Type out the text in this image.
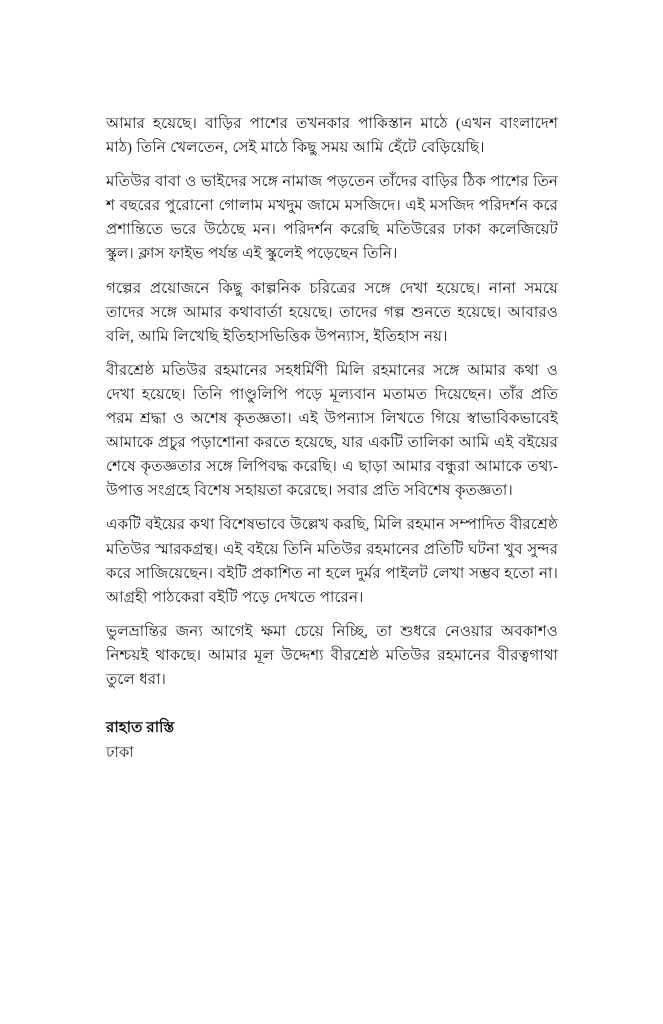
আমার হয়েছে। বাড়ির পাশের তখনকার পাকিস্তান মাঠে (এখন বাংলাদেশ মাঠ) তিনি খেলতেন, সেই মাঠে কিছু সময় আমি হেঁটে বেড়িয়েছি।

মতিউর বাবা ও ভাইদের সঙ্গে নামাজ পড়তেন তাঁদের বাড়ির ঠিক পাশের তিন শ বছরের পুরোনো গোলাম মখদুম জামে মসজিদে। এই মসজিদ পরিদর্শন করে প্রশান্তিতে ভরে উঠেছে মন। পরিদর্শন করেছি মতিউরের ঢাকা কলেজিয়েট স্কুল। ক্লাস ফাইভ পর্যন্ত এই স্কুলেই পড়েছেন তিনি।

গল্পের প্রয়োজনে কিছু কাল্পনিক চরিত্রের সঙ্গে দেখা হয়েছে। নানা সময়ে তাদের সঙ্গে আমার কথাবার্তা হয়েছে। তাদের গল্প শুনতে হয়েছে। আবারও বলি, আমি লিখেছি ইতিহাসভিত্তিক উপন্যাস, ইতিহাস নয়।

বীরশ্রেষ্ঠ মতিউর রহমানের সহধর্মিণী মিলি রহমানের সঙ্গে আমার কথা ও দেখা হয়েছে। তিনি পাণ্ডুলিপি পড়ে মূল্যবান মতামত দিয়েছেন। তাঁর প্রতি পরম শ্রদ্ধা ও অশেষ কৃতজ্ঞতা। এই উপন্যাস লিখতে গিয়ে স্বাভাবিকভাবেই আমাকে প্রচুর পড়াশোনা করতে হয়েছে, যার একটি তালিকা আমি এই বইয়ের শেষে কৃতজ্ঞতার সঙ্গে লিপিবদ্ধ করেছি। এ ছাড়া আমার বন্ধুরা আমাকে তথ্য-উপাত্ত সংগ্রহে বিশেষ সহায়তা করেছে। সবার প্রতি সবিশেষ কৃতজ্ঞতা।

একটি বইয়ের কথা বিশেষভাবে উল্লেখ করছি, মিলি রহমান সম্পাদিত বীরশ্রেষ্ঠ মতিউর স্মারকগ্রন্থ। এই বইয়ে তিনি মতিউর রহমানের প্রতিটি ঘটনা খুব সুন্দর করে সাজিয়েছেন। বইটি প্রকাশিত না হলে দুর্মর পাইলট লেখা সম্ভব হতো না। আগ্রহী পাঠকেরা বইটি পড়ে দেখতে পারেন।

ভুলভ্রান্তির জন্য আগেই ক্ষমা চেয়ে নিচ্ছি, তা শুধরে নেওয়ার অবকাশও নিশ্চয়ই থাকছে। আমার মূল উদ্দেশ্য বীরশ্রেষ্ঠ মতিউর রহমানের বীরত্বগাথা তুলে ধরা।

রাহাত রাস্তি

ঢাকা
